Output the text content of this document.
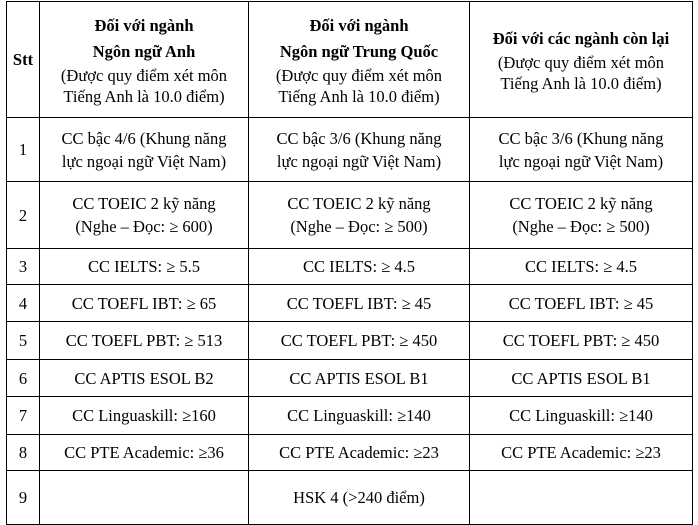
Stt	Đối với ngành
Ngôn ngữ Anh
(Được quy điểm xét môn
Tiếng Anh là 10.0 điểm)	Đối với ngành
Ngôn ngữ Trung Quốc
(Được quy điểm xét môn
Tiếng Anh là 10.0 điểm)	Đối với các ngành còn lại
(Được quy điểm xét môn
Tiếng Anh là 10.0 điểm)

1	CC bậc 4/6 (Khung năng
lực ngoại ngữ Việt Nam)	CC bậc 3/6 (Khung năng
lực ngoại ngữ Việt Nam)	CC bậc 3/6 (Khung năng
lực ngoại ngữ Việt Nam)
2	CC TOEIC 2 kỹ năng
(Nghe – Đọc: ≥ 600)	CC TOEIC 2 kỹ năng
(Nghe – Đọc: ≥ 500)	CC TOEIC 2 kỹ năng
(Nghe – Đọc: ≥ 500)
3	CC IELTS: ≥ 5.5	CC IELTS: ≥ 4.5	CC IELTS: ≥ 4.5
4	CC TOEFL IBT: ≥ 65	CC TOEFL IBT: ≥ 45	CC TOEFL IBT: ≥ 45
5	CC TOEFL PBT: ≥ 513	CC TOEFL PBT: ≥ 450	CC TOEFL PBT: ≥ 450
6	CC APTIS ESOL B2	CC APTIS ESOL B1	CC APTIS ESOL B1
7	CC Linguaskill: ≥160	CC Linguaskill: ≥140	CC Linguaskill: ≥140
8	CC PTE Academic: ≥36	CC PTE Academic: ≥23	CC PTE Academic: ≥23
9		HSK 4 (>240 điểm)	
